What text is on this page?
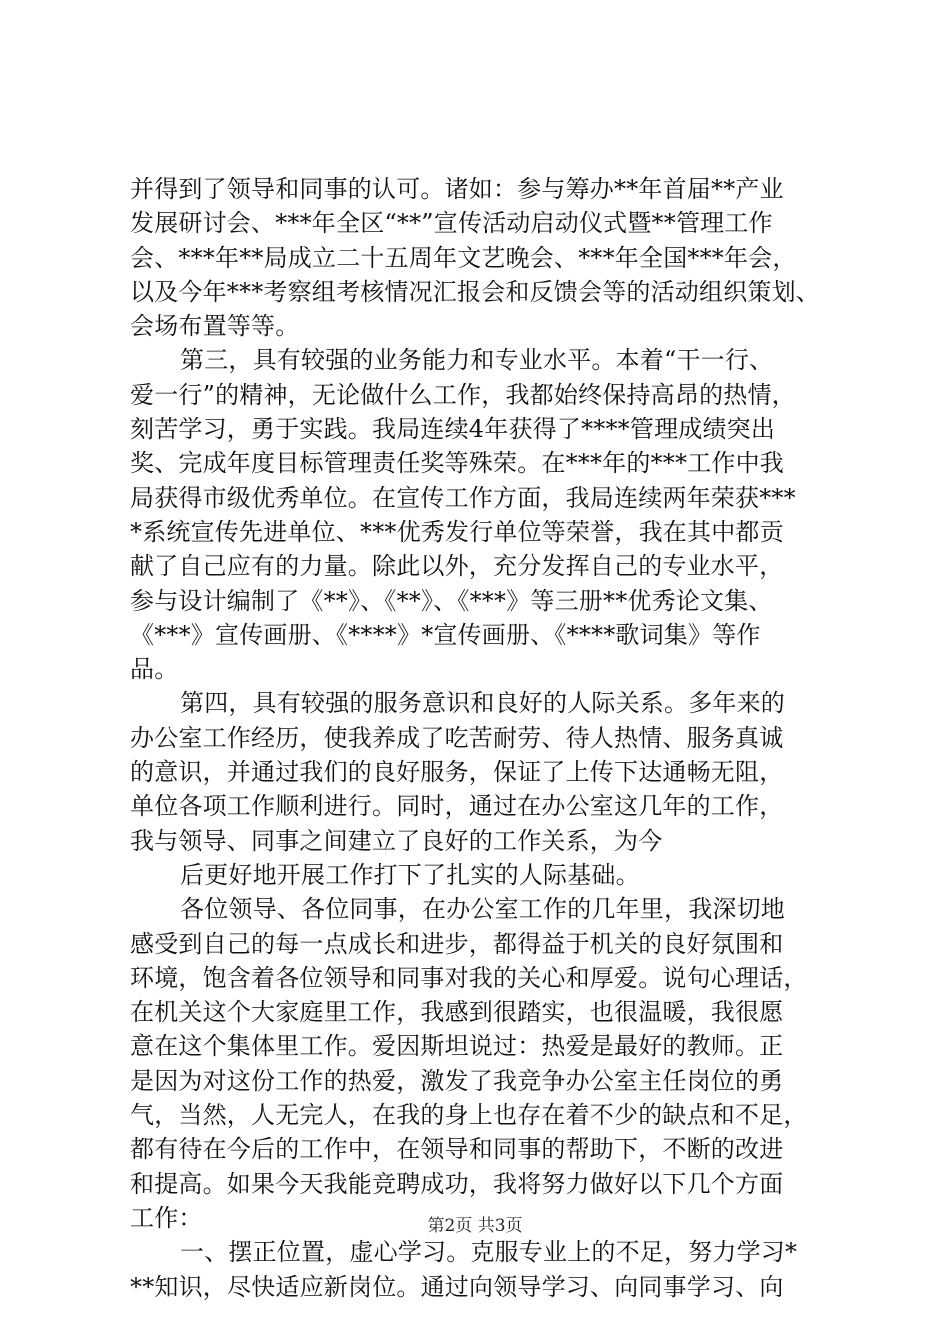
并得到了领导和同事的认可。诸如：参与筹办**年首届**产业
发展研讨会、***年全区“**”宣传活动启动仪式暨**管理工作
会、***年**局成立二十五周年文艺晚会、***年全国***年会，
以及今年***考察组考核情况汇报会和反馈会等的活动组织策划、
会场布置等等。
第三，具有较强的业务能力和专业水平。本着“干一行、
爱一行”的精神，无论做什么工作，我都始终保持高昂的热情，
刻苦学习，勇于实践。我局连续4年获得了****管理成绩突出
奖、完成年度目标管理责任奖等殊荣。在***年的***工作中我
局获得市级优秀单位。在宣传工作方面，我局连续两年荣获***
*系统宣传先进单位、***优秀发行单位等荣誉，我在其中都贡
献了自己应有的力量。除此以外，充分发挥自己的专业水平，
参与设计编制了《**》、《**》、《***》等三册**优秀论文集、
《***》宣传画册、《****》*宣传画册、《****歌词集》等作
品。
第四，具有较强的服务意识和良好的人际关系。多年来的
办公室工作经历，使我养成了吃苦耐劳、待人热情、服务真诚
的意识，并通过我们的良好服务，保证了上传下达通畅无阻，
单位各项工作顺利进行。同时，通过在办公室这几年的工作，
我与领导、同事之间建立了良好的工作关系，为今
后更好地开展工作打下了扎实的人际基础。
各位领导、各位同事，在办公室工作的几年里，我深切地
感受到自己的每一点成长和进步，都得益于机关的良好氛围和
环境，饱含着各位领导和同事对我的关心和厚爱。说句心理话，
在机关这个大家庭里工作，我感到很踏实，也很温暖，我很愿
意在这个集体里工作。爱因斯坦说过：热爱是最好的教师。正
是因为对这份工作的热爱，激发了我竞争办公室主任岗位的勇
气，当然，人无完人，在我的身上也存在着不少的缺点和不足，
都有待在今后的工作中，在领导和同事的帮助下，不断的改进
和提高。如果今天我能竞聘成功，我将努力做好以下几个方面
工作：
一、摆正位置，虚心学习。克服专业上的不足，努力学习*
**知识，尽快适应新岗位。通过向领导学习、向同事学习、向
第2页 共3页
